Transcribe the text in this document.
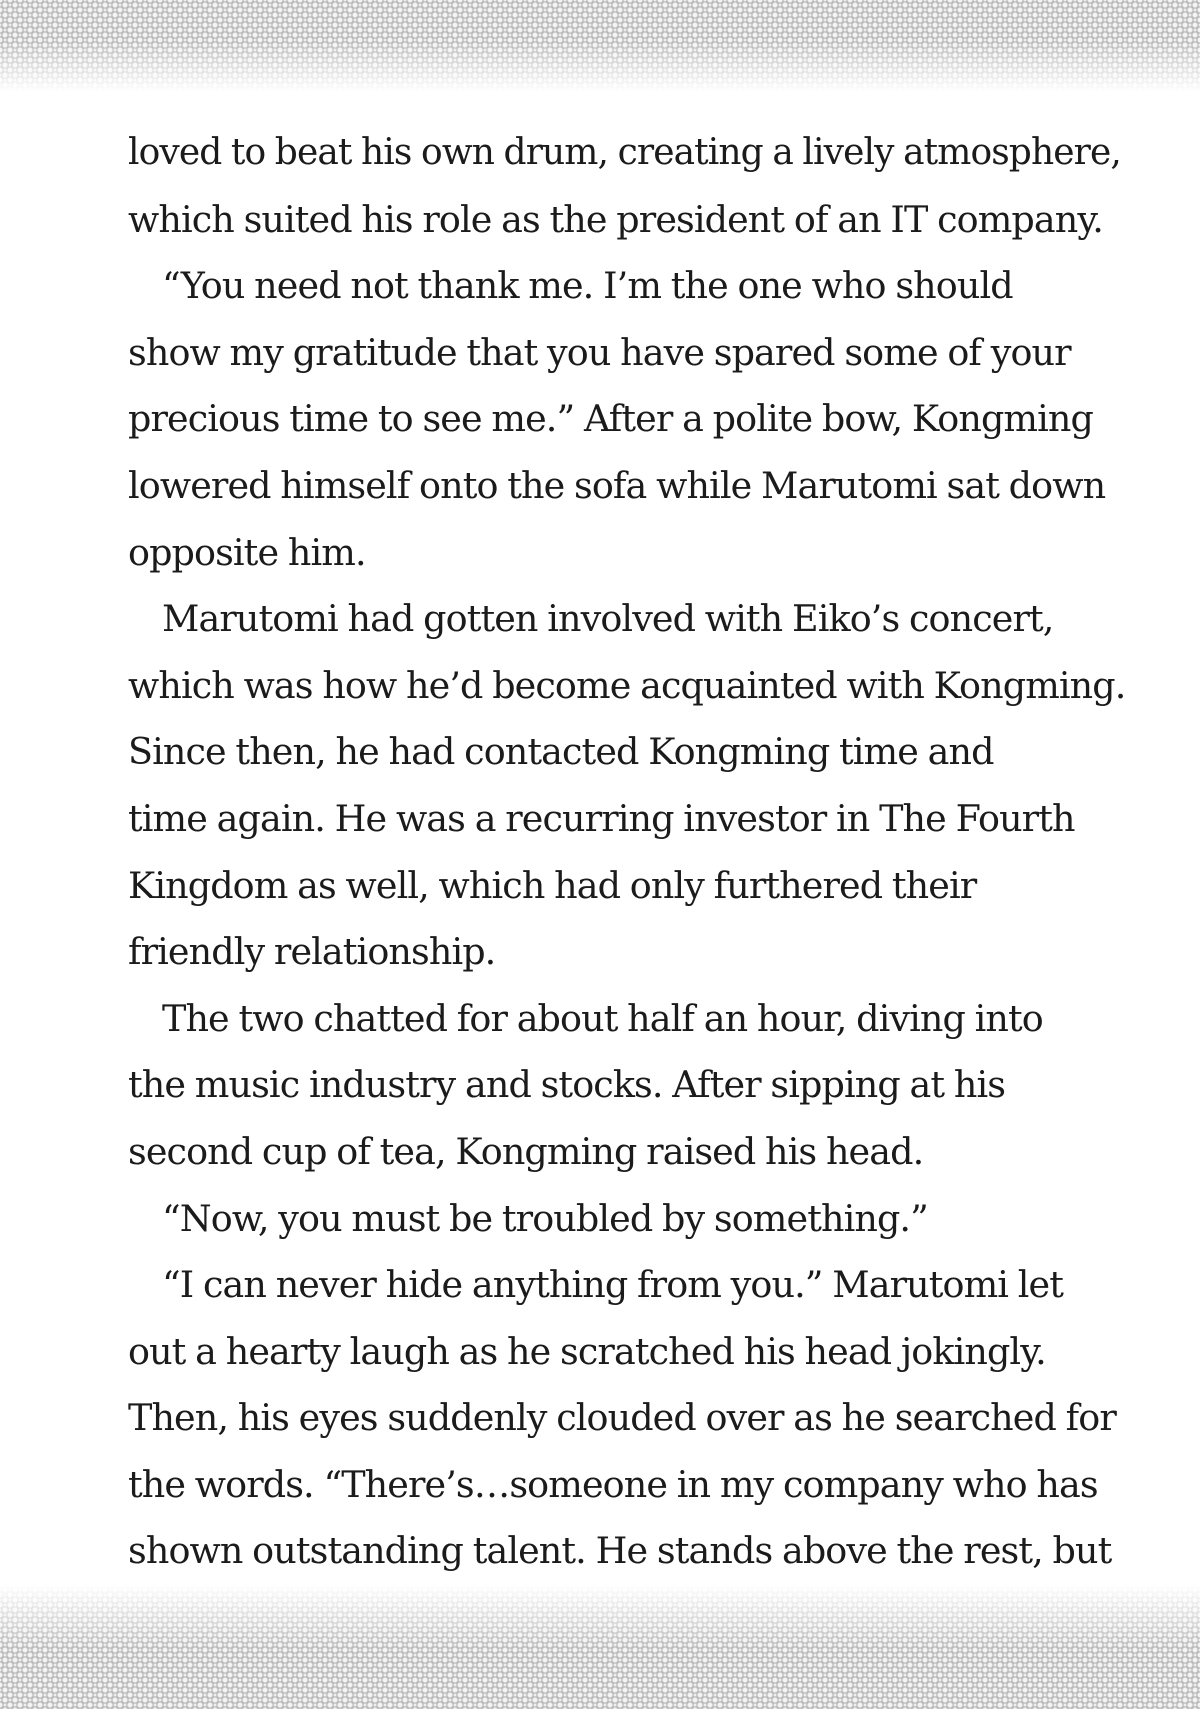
loved to beat his own drum, creating a lively atmosphere,
which suited his role as the president of an IT company.
“You need not thank me. I’m the one who should
show my gratitude that you have spared some of your
precious time to see me.” After a polite bow, Kongming
lowered himself onto the sofa while Marutomi sat down
opposite him.
Marutomi had gotten involved with Eiko’s concert,
which was how he’d become acquainted with Kongming.
Since then, he had contacted Kongming time and
time again. He was a recurring investor in The Fourth
Kingdom as well, which had only furthered their
friendly relationship.
The two chatted for about half an hour, diving into
the music industry and stocks. After sipping at his
second cup of tea, Kongming raised his head.
“Now, you must be troubled by something.”
“I can never hide anything from you.” Marutomi let
out a hearty laugh as he scratched his head jokingly.
Then, his eyes suddenly clouded over as he searched for
the words. “There’s…someone in my company who has
shown outstanding talent. He stands above the rest, but
